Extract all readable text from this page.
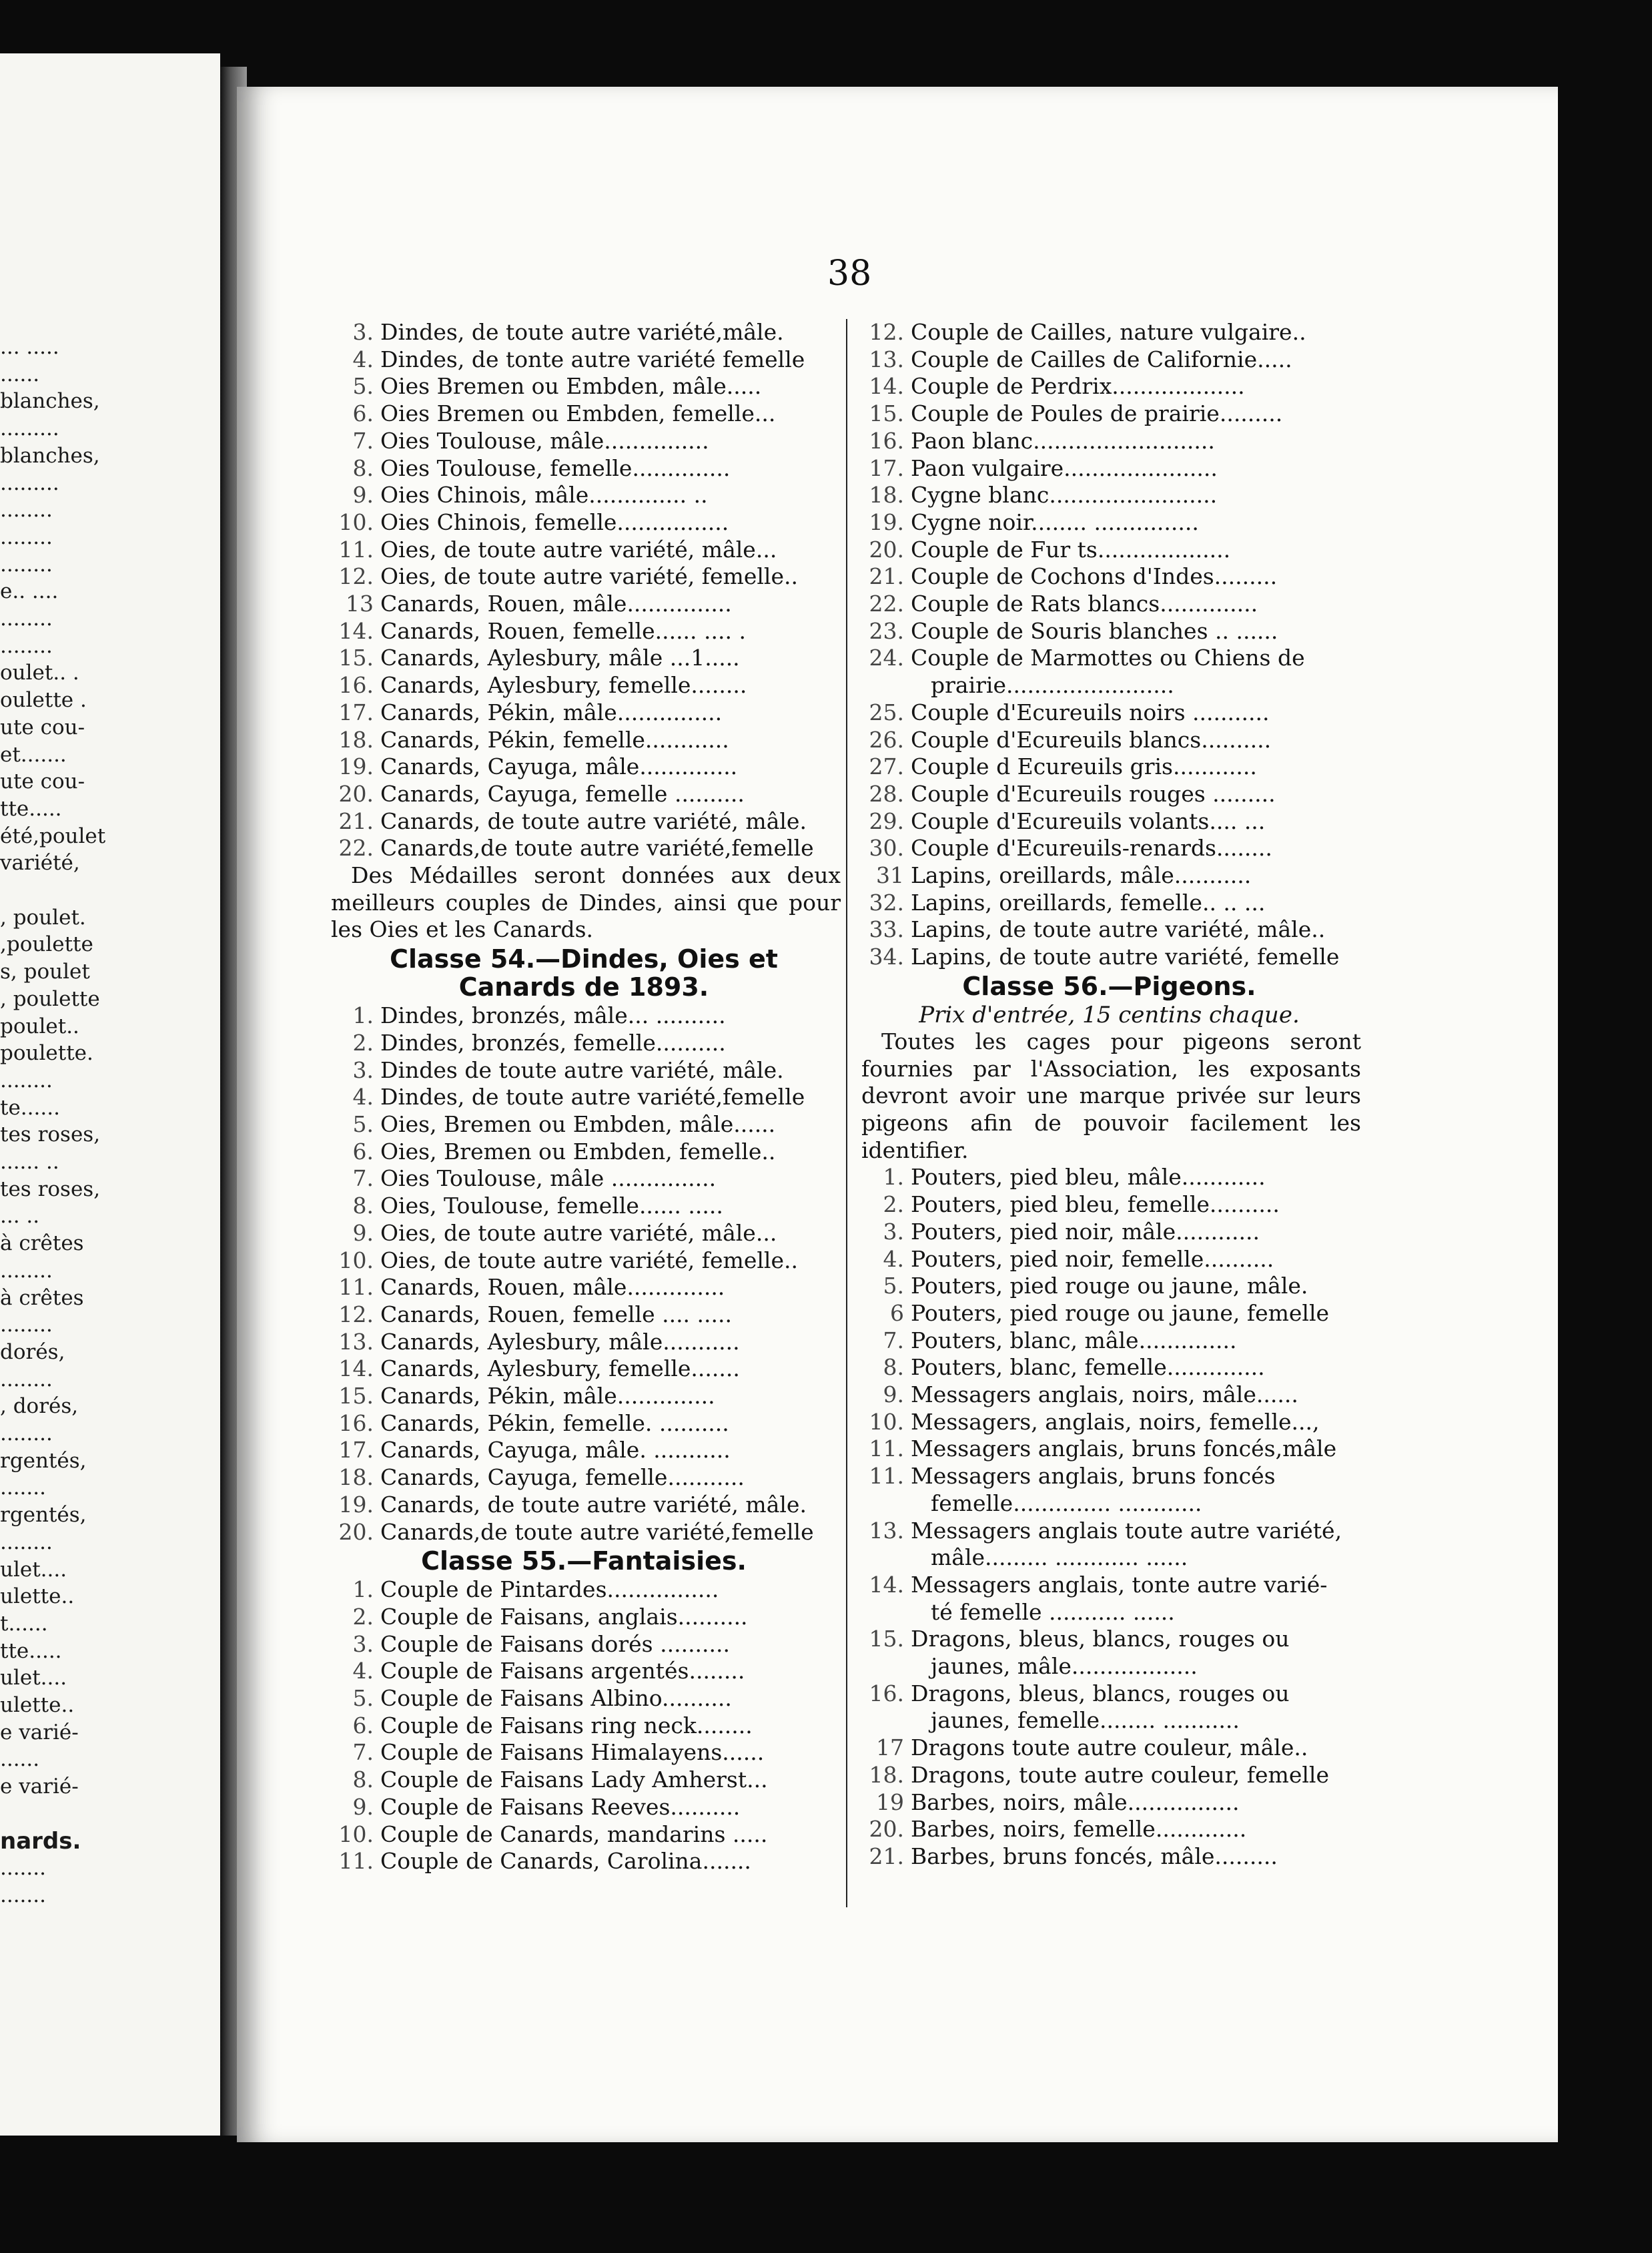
... .....
......
blanches,
.........
blanches,
.........
........
........
........
e.. ....
........
........
oulet.. .
oulette .
ute cou-
et.......
ute cou-
tte.....
été,poulet
variété,
, poulet.
,poulette
s, poulet
, poulette
poulet..
poulette.
........
te......
tes roses,
...... ..
tes roses,
... ..
à crêtes
........
à crêtes
........
dorés,
........
, dorés,
........
rgentés,
.......
rgentés,
........
ulet....
ulette..
t......
tte.....
ulet....
ulette..
e varié-
......
e varié-
nards.
.......
.......
38
3. Dindes, de toute autre variété,mâle.
4. Dindes, de tonte autre variété femelle
5. Oies Bremen ou Embden, mâle.....
6. Oies Bremen ou Embden, femelle...
7. Oies Toulouse, mâle...............
8. Oies Toulouse, femelle..............
9. Oies Chinois, mâle.............. ..
10. Oies Chinois, femelle................
11. Oies, de toute autre variété, mâle...
12. Oies, de toute autre variété, femelle..
13 Canards, Rouen, mâle...............
14. Canards, Rouen, femelle...... .... .
15. Canards, Aylesbury, mâle ...1.....
16. Canards, Aylesbury, femelle........
17. Canards, Pékin, mâle...............
18. Canards, Pékin, femelle............
19. Canards, Cayuga, mâle..............
20. Canards, Cayuga, femelle ..........
21. Canards, de toute autre variété, mâle.
22. Canards,de toute autre variété,femelle
Des Médailles seront données aux deux meilleurs couples de Dindes, ainsi que pour les Oies et les Canards.
Classe 54.—Dindes, Oies et
Canards de 1893.
1. Dindes, bronzés, mâle... ..........
2. Dindes, bronzés, femelle..........
3. Dindes de toute autre variété, mâle.
4. Dindes, de toute autre variété,femelle
5. Oies, Bremen ou Embden, mâle......
6. Oies, Bremen ou Embden, femelle..
7. Oies Toulouse, mâle ...............
8. Oies, Toulouse, femelle...... .....
9. Oies, de toute autre variété, mâle...
10. Oies, de toute autre variété, femelle..
11. Canards, Rouen, mâle..............
12. Canards, Rouen, femelle .... .....
13. Canards, Aylesbury, mâle...........
14. Canards, Aylesbury, femelle.......
15. Canards, Pékin, mâle..............
16. Canards, Pékin, femelle. ..........
17. Canards, Cayuga, mâle. ...........
18. Canards, Cayuga, femelle...........
19. Canards, de toute autre variété, mâle.
20. Canards,de toute autre variété,femelle
Classe 55.—Fantaisies.
1. Couple de Pintardes................
2. Couple de Faisans, anglais..........
3. Couple de Faisans dorés ..........
4. Couple de Faisans argentés........
5. Couple de Faisans Albino..........
6. Couple de Faisans ring neck........
7. Couple de Faisans Himalayens......
8. Couple de Faisans Lady Amherst...
9. Couple de Faisans Reeves..........
10. Couple de Canards, mandarins .....
11. Couple de Canards, Carolina.......
12. Couple de Cailles, nature vulgaire..
13. Couple de Cailles de Californie.....
14. Couple de Perdrix...................
15. Couple de Poules de prairie.........
16. Paon blanc..........................
17. Paon vulgaire......................
18. Cygne blanc........................
19. Cygne noir........ ...............
20. Couple de Fur ts...................
21. Couple de Cochons d'Indes.........
22. Couple de Rats blancs..............
23. Couple de Souris blanches .. ......
24. Couple de Marmottes ou Chiens de
prairie........................
25. Couple d'Ecureuils noirs ...........
26. Couple d'Ecureuils blancs..........
27. Couple d Ecureuils gris............
28. Couple d'Ecureuils rouges .........
29. Couple d'Ecureuils volants.... ...
30. Couple d'Ecureuils-renards........
31 Lapins, oreillards, mâle...........
32. Lapins, oreillards, femelle.. .. ...
33. Lapins, de toute autre variété, mâle..
34. Lapins, de toute autre variété, femelle
Classe 56.—Pigeons.
Prix d'entrée, 15 centins chaque.
Toutes les cages pour pigeons seront fournies par l'Association, les exposants devront avoir une marque privée sur leurs pigeons afin de pouvoir facilement les identifier.
1. Pouters, pied bleu, mâle............
2. Pouters, pied bleu, femelle..........
3. Pouters, pied noir, mâle............
4. Pouters, pied noir, femelle..........
5. Pouters, pied rouge ou jaune, mâle.
6 Pouters, pied rouge ou jaune, femelle
7. Pouters, blanc, mâle..............
8. Pouters, blanc, femelle..............
9. Messagers anglais, noirs, mâle......
10. Messagers, anglais, noirs, femelle...,
11. Messagers anglais, bruns foncés,mâle
11. Messagers anglais, bruns foncés
femelle.............. ............
13. Messagers anglais toute autre variété,
mâle......... ............ ......
14. Messagers anglais, tonte autre varié-
té femelle ........... ......
15. Dragons, bleus, blancs, rouges ou
jaunes, mâle..................
16. Dragons, bleus, blancs, rouges ou
jaunes, femelle........ ...........
17 Dragons toute autre couleur, mâle..
18. Dragons, toute autre couleur, femelle
19 Barbes, noirs, mâle................
20. Barbes, noirs, femelle.............
21. Barbes, bruns foncés, mâle.........
